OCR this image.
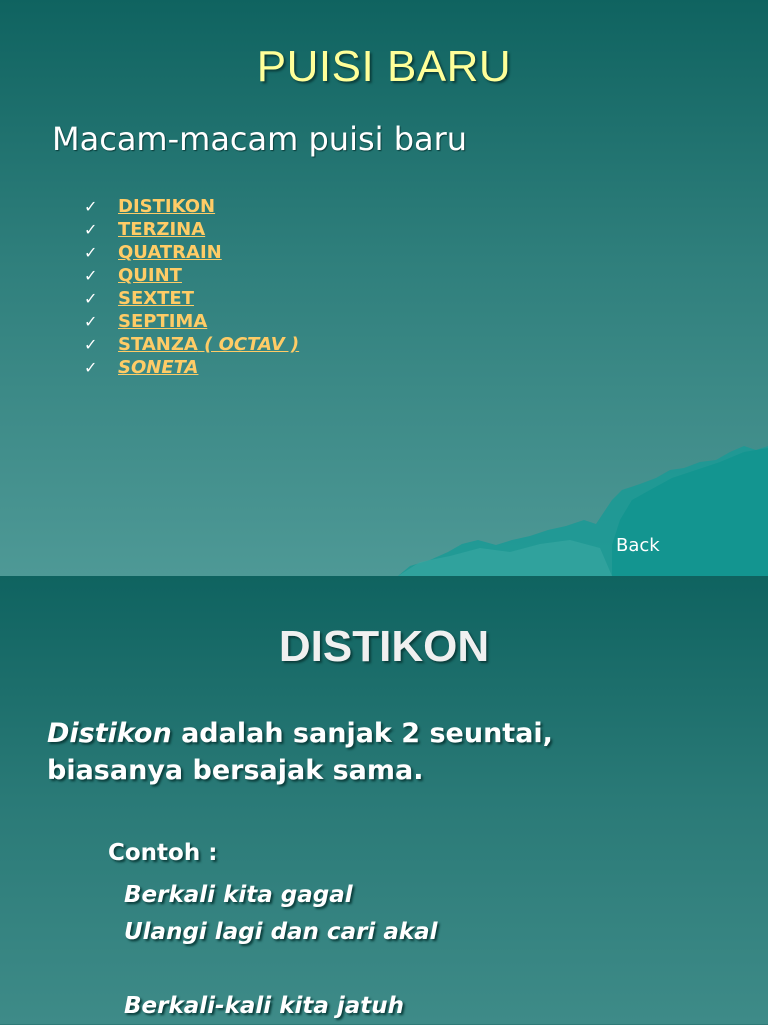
PUISI BARU
Macam-macam puisi baru
✓	DISTIKON
✓	TERZINA
✓	QUATRAIN
✓	QUINT
✓	SEXTET
✓	SEPTIMA
✓	STANZA ( OCTAV )
✓	SONETA
Back
DISTIKON
Distikon adalah sanjak 2 seuntai,
biasanya bersajak sama.
Contoh :
Berkali kita gagal
Ulangi lagi dan cari akal
Berkali-kali kita jatuh
